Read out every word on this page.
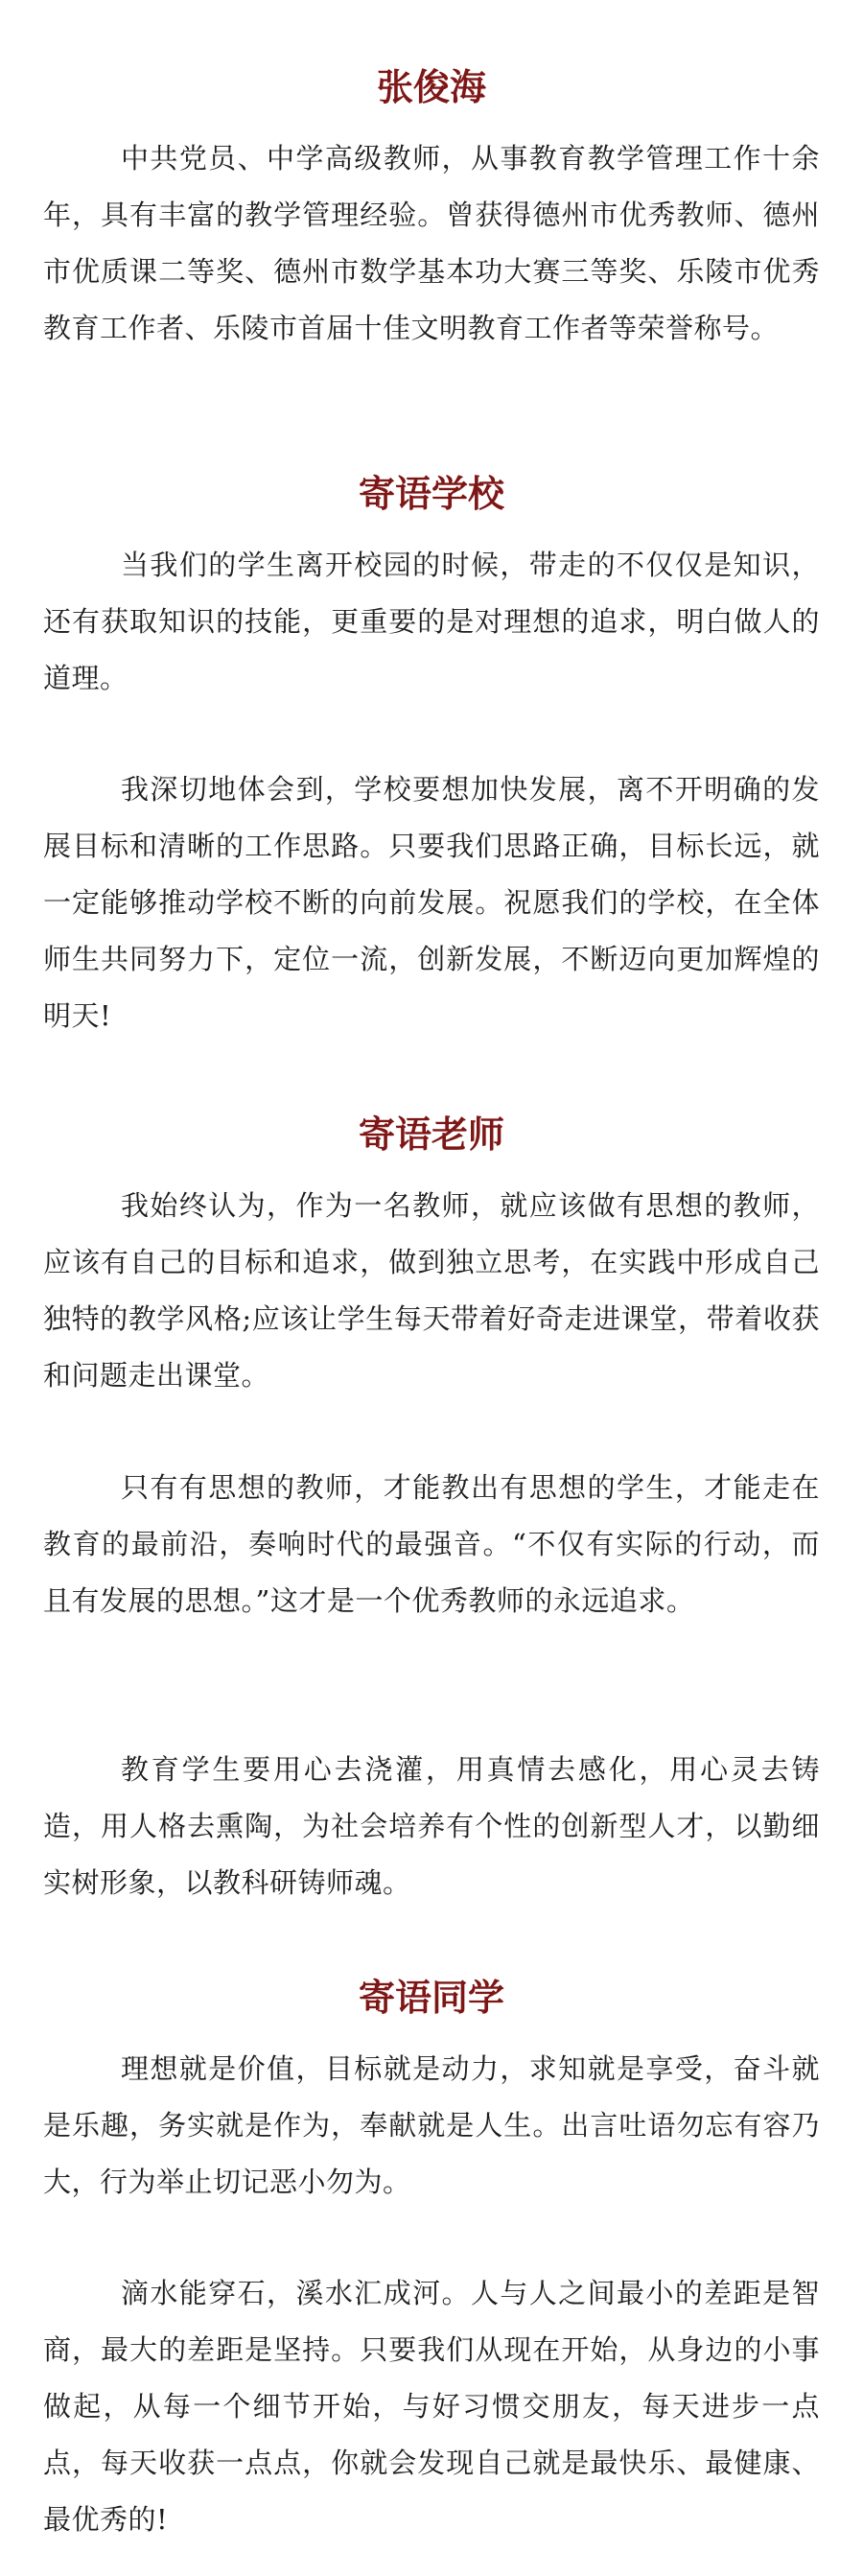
张俊海

中共党员、中学高级教师，从事教育教学管理工作十余年，具有丰富的教学管理经验。曾获得德州市优秀教师、德州市优质课二等奖、德州市数学基本功大赛三等奖、乐陵市优秀教育工作者、乐陵市首届十佳文明教育工作者等荣誉称号。

寄语学校

当我们的学生离开校园的时候，带走的不仅仅是知识，还有获取知识的技能，更重要的是对理想的追求，明白做人的道理。

我深切地体会到，学校要想加快发展，离不开明确的发展目标和清晰的工作思路。只要我们思路正确，目标长远，就一定能够推动学校不断的向前发展。祝愿我们的学校，在全体师生共同努力下，定位一流，创新发展，不断迈向更加辉煌的明天!

寄语老师

我始终认为，作为一名教师，就应该做有思想的教师，应该有自己的目标和追求，做到独立思考，在实践中形成自己独特的教学风格;应该让学生每天带着好奇走进课堂，带着收获和问题走出课堂。

只有有思想的教师，才能教出有思想的学生，才能走在教育的最前沿，奏响时代的最强音。“不仅有实际的行动，而且有发展的思想。”这才是一个优秀教师的永远追求。

教育学生要用心去浇灌，用真情去感化，用心灵去铸造，用人格去熏陶，为社会培养有个性的创新型人才，以勤细实树形象，以教科研铸师魂。

寄语同学

理想就是价值，目标就是动力，求知就是享受，奋斗就是乐趣，务实就是作为，奉献就是人生。出言吐语勿忘有容乃大，行为举止切记恶小勿为。

滴水能穿石，溪水汇成河。人与人之间最小的差距是智商，最大的差距是坚持。只要我们从现在开始，从身边的小事做起，从每一个细节开始，与好习惯交朋友，每天进步一点点，每天收获一点点，你就会发现自己就是最快乐、最健康、最优秀的!
